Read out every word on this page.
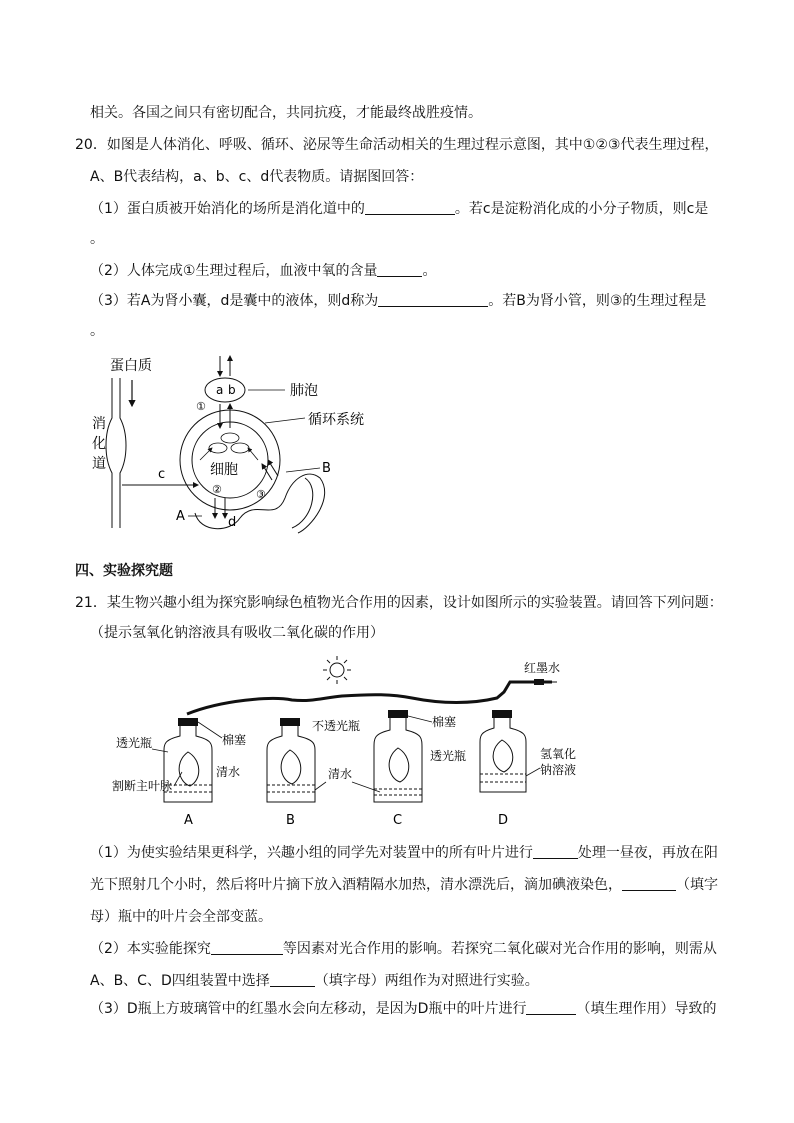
相关。各国之间只有密切配合，共同抗疫，才能最终战胜疫情。
20．如图是人体消化、呼吸、循环、泌尿等生命活动相关的生理过程示意图，其中①②③代表生理过程，
A、B代表结构，a、b、c、d代表物质。请据图回答：
（1）蛋白质被开始消化的场所是消化道中的	。若c是淀粉消化成的小分子物质，则c是
。
（2）人体完成①生理过程后，血液中氧的含量	。
（3）若A为肾小囊，d是囊中的液体，则d称为	。若B为肾小管，则③的生理过程是
。
蛋白质
消
化
道
a b	肺泡
①
循环系统
细胞
c
②
A	d
③
B
四、实验探究题
21．某生物兴趣小组为探究影响绿色植物光合作用的因素，设计如图所示的实验装置。请回答下列问题：
（提示氢氧化钠溶液具有吸收二氧化碳的作用）
红墨水
A
透光瓶
割断主叶脉
清水
棉塞
B
不透光瓶
清水
C
棉塞
透光瓶
D
氢氧化
钠溶液
（1）为使实验结果更科学，兴趣小组的同学先对装置中的所有叶片进行	处理一昼夜，再放在阳
光下照射几个小时，然后将叶片摘下放入酒精隔水加热，清水漂洗后，滴加碘液染色，	（填字
母）瓶中的叶片会全部变蓝。
（2）本实验能探究	等因素对光合作用的影响。若探究二氧化碳对光合作用的影响，则需从
A、B、C、D四组装置中选择	（填字母）两组作为对照进行实验。
（3）D瓶上方玻璃管中的红墨水会向左移动，是因为D瓶中的叶片进行	（填生理作用）导致的
